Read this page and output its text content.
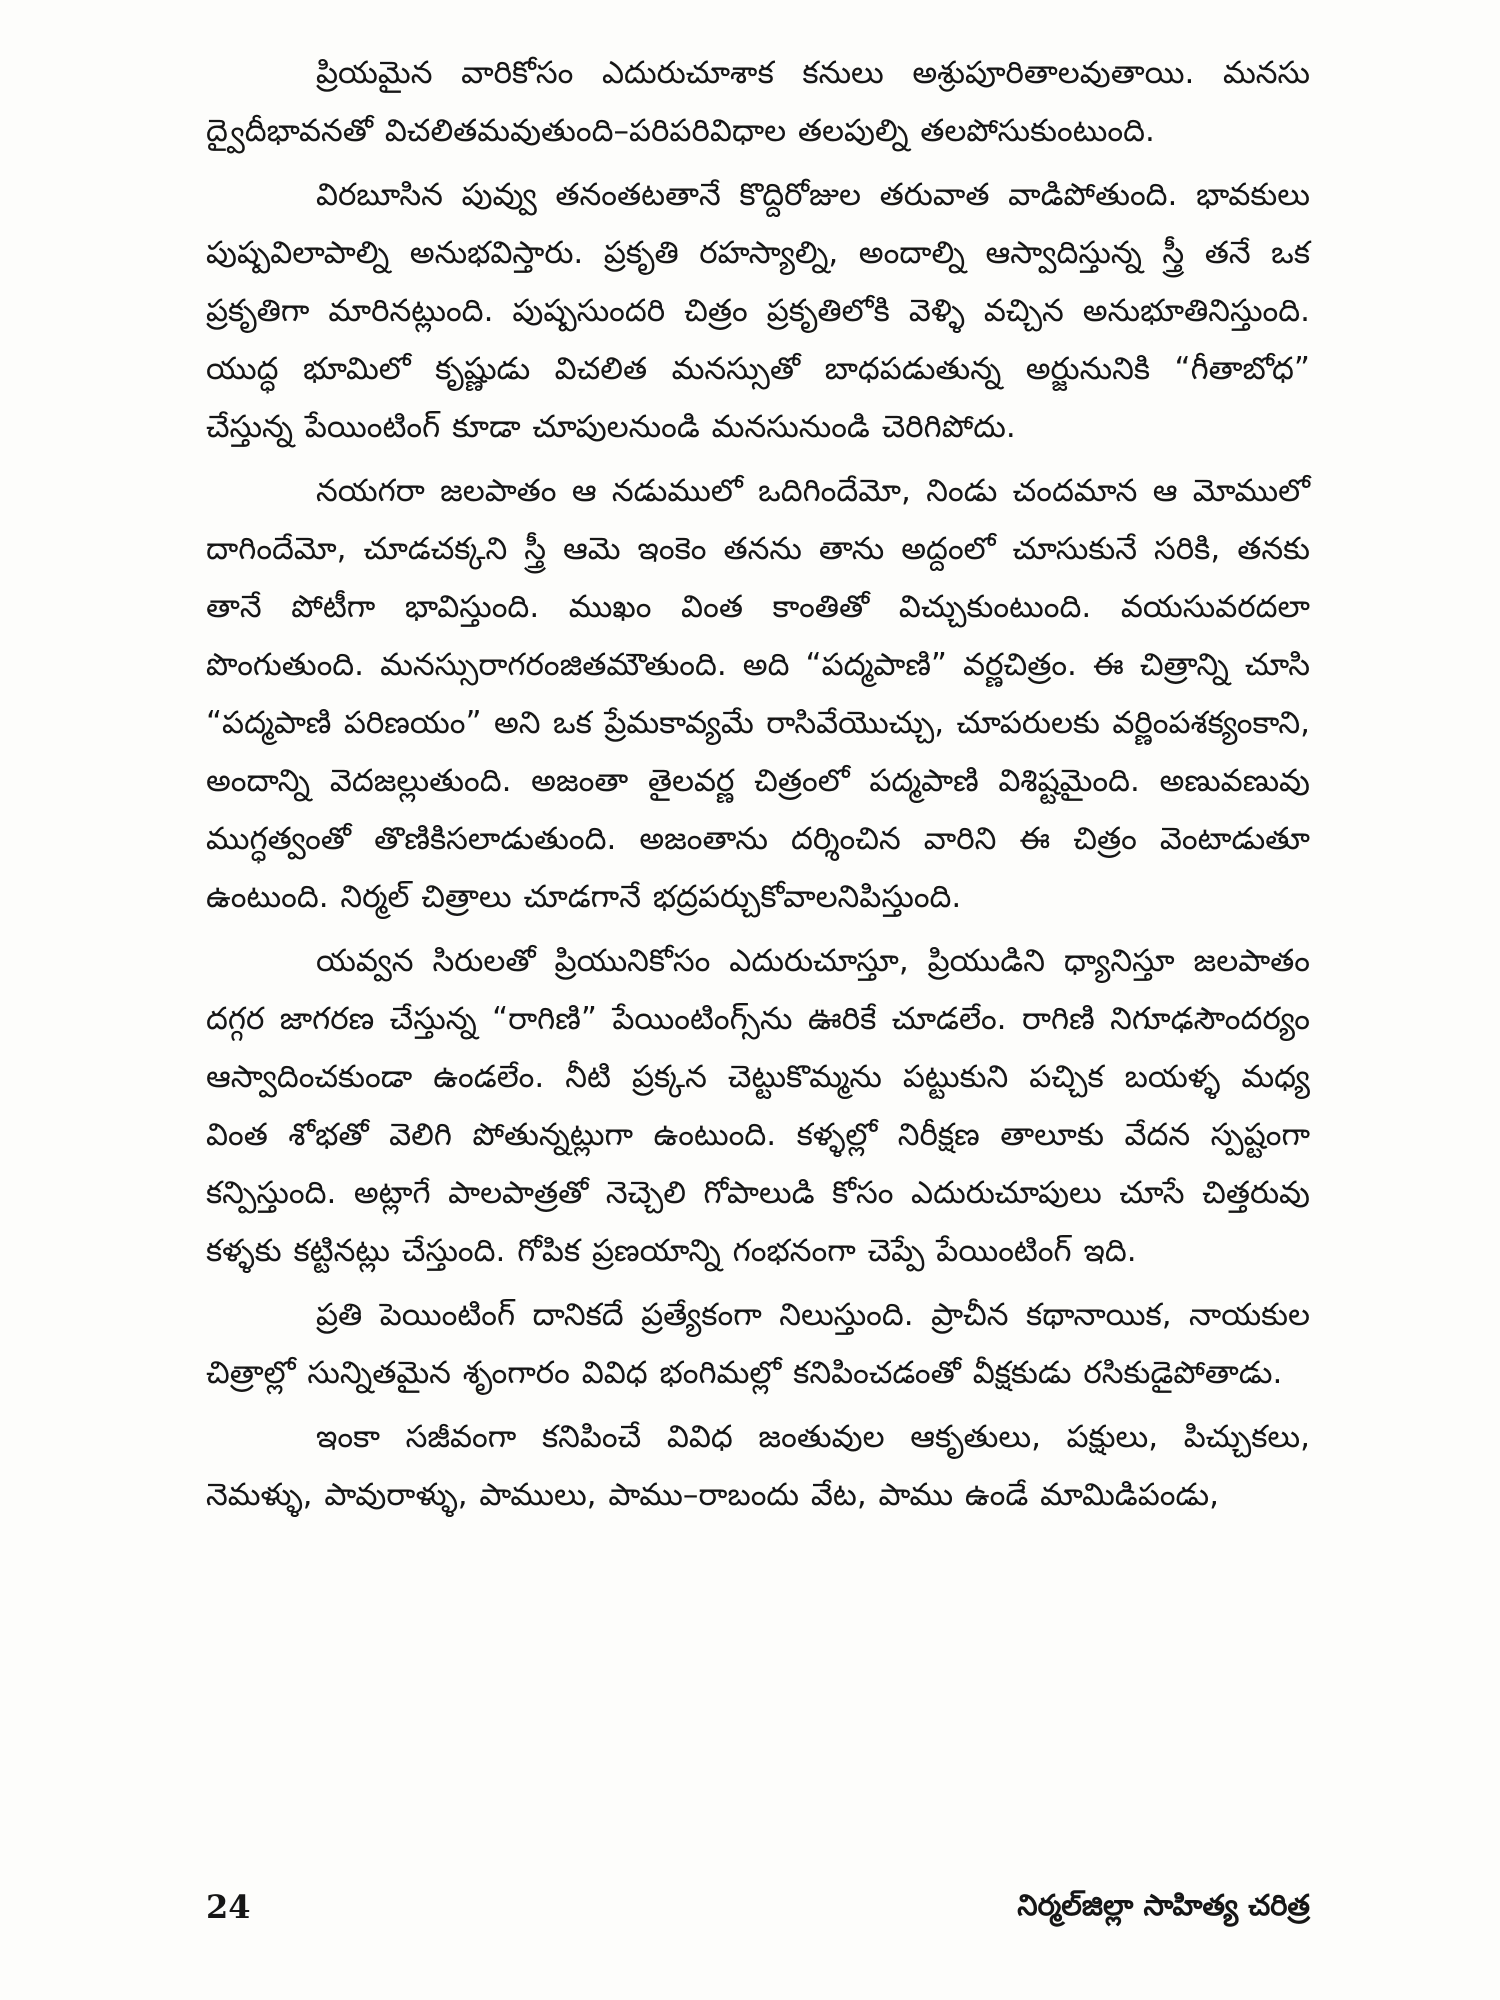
ప్రియమైన వారికోసం ఎదురుచూశాక కనులు అశ్రుపూరితాలవుతాయి. మనసు ద్వైదీభావనతో విచలితమవుతుంది–పరిపరివిధాల తలపుల్ని తలపోసుకుంటుంది.

విరబూసిన పువ్వు తనంతటతానే కొద్దిరోజుల తరువాత వాడిపోతుంది. భావకులు పుష్పవిలాపాల్ని అనుభవిస్తారు. ప్రకృతి రహస్యాల్ని, అందాల్ని ఆస్వాదిస్తున్న స్త్రీ తనే ఒక ప్రకృతిగా మారినట్లుంది. పుష్పసుందరి చిత్రం ప్రకృతిలోకి వెళ్ళి వచ్చిన అనుభూతినిస్తుంది. యుద్ధ భూమిలో కృష్ణుడు విచలిత మనస్సుతో బాధపడుతున్న అర్జునునికి “గీతాబోధ” చేస్తున్న పేయింటింగ్ కూడా చూపులనుండి మనసునుండి చెరిగిపోదు.

నయగరా జలపాతం ఆ నడుములో ఒదిగిందేమో, నిండు చందమాన ఆ మోములో దాగిందేమో, చూడచక్కని స్త్రీ ఆమె ఇంకెం తనను తాను అద్దంలో చూసుకునే సరికి, తనకు తానే పోటీగా భావిస్తుంది. ముఖం వింత కాంతితో విచ్చుకుంటుంది. వయసువరదలా పొంగుతుంది. మనస్సురాగరంజితమౌతుంది. అది “పద్మపాణి” వర్ణచిత్రం. ఈ చిత్రాన్ని చూసి “పద్మపాణి పరిణయం” అని ఒక ప్రేమకావ్యమే రాసివేయొచ్చు, చూపరులకు వర్ణింపశక్యంకాని, అందాన్ని వెదజల్లుతుంది. అజంతా తైలవర్ణ చిత్రంలో పద్మపాణి విశిష్టమైంది. అణువణువు ముగ్ధత్వంతో తొణికిసలాడుతుంది. అజంతాను దర్శించిన వారిని ఈ చిత్రం వెంటాడుతూ ఉంటుంది. నిర్మల్ చిత్రాలు చూడగానే భద్రపర్చుకోవాలనిపిస్తుంది.

యవ్వన సిరులతో ప్రియునికోసం ఎదురుచూస్తూ, ప్రియుడిని ధ్యానిస్తూ జలపాతం దగ్గర జాగరణ చేస్తున్న “రాగిణి” పేయింటింగ్స్‌ను ఊరికే చూడలేం. రాగిణి నిగూఢసౌందర్యం ఆస్వాదించకుండా ఉండలేం. నీటి ప్రక్కన చెట్టుకొమ్మను పట్టుకుని పచ్చిక బయళ్ళ మధ్య వింత శోభతో వెలిగి పోతున్నట్లుగా ఉంటుంది. కళ్ళల్లో నిరీక్షణ తాలూకు వేదన స్పష్టంగా కన్పిస్తుంది. అట్లాగే పాలపాత్రతో నెచ్చెలి గోపాలుడి కోసం ఎదురుచూపులు చూసే చిత్తరువు కళ్ళకు కట్టినట్లు చేస్తుంది. గోపిక ప్రణయాన్ని గంభనంగా చెప్పే పేయింటింగ్ ఇది.

ప్రతి పెయింటింగ్ దానికదే ప్రత్యేకంగా నిలుస్తుంది. ప్రాచీన కథానాయిక, నాయకుల చిత్రాల్లో సున్నితమైన శృంగారం వివిధ భంగిమల్లో కనిపించడంతో వీక్షకుడు రసికుడైపోతాడు.

ఇంకా సజీవంగా కనిపించే వివిధ జంతువుల ఆకృతులు, పక్షులు, పిచ్చుకలు, నెమళ్ళు, పావురాళ్ళు, పాములు, పాము–రాబందు వేట, పాము ఉండే మామిడిపండు,

24	నిర్మల్‌జిల్లా సాహిత్య చరిత్ర
